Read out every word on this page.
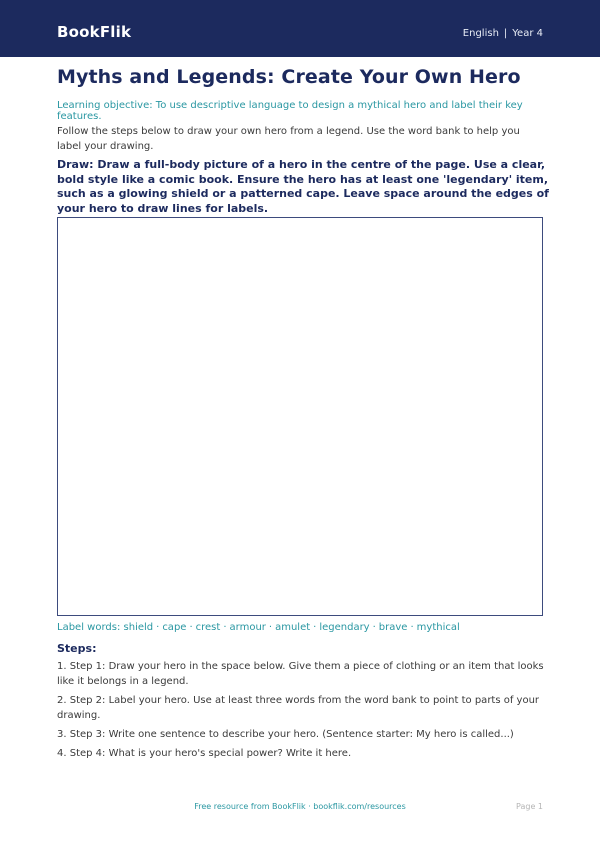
BookFlik	English | Year 4
Myths and Legends: Create Your Own Hero
Learning objective: To use descriptive language to design a mythical hero and label their key features.
Follow the steps below to draw your own hero from a legend. Use the word bank to help you label your drawing.
Draw: Draw a full-body picture of a hero in the centre of the page. Use a clear, bold style like a comic book. Ensure the hero has at least one 'legendary' item, such as a glowing shield or a patterned cape. Leave space around the edges of your hero to draw lines for labels.
Label words: shield · cape · crest · armour · amulet · legendary · brave · mythical
Steps:
1. Step 1: Draw your hero in the space below. Give them a piece of clothing or an item that looks like it belongs in a legend.
2. Step 2: Label your hero. Use at least three words from the word bank to point to parts of your drawing.
3. Step 3: Write one sentence to describe your hero. (Sentence starter: My hero is called...)
4. Step 4: What is your hero's special power? Write it here.
Free resource from BookFlik · bookflik.com/resources	Page 1
